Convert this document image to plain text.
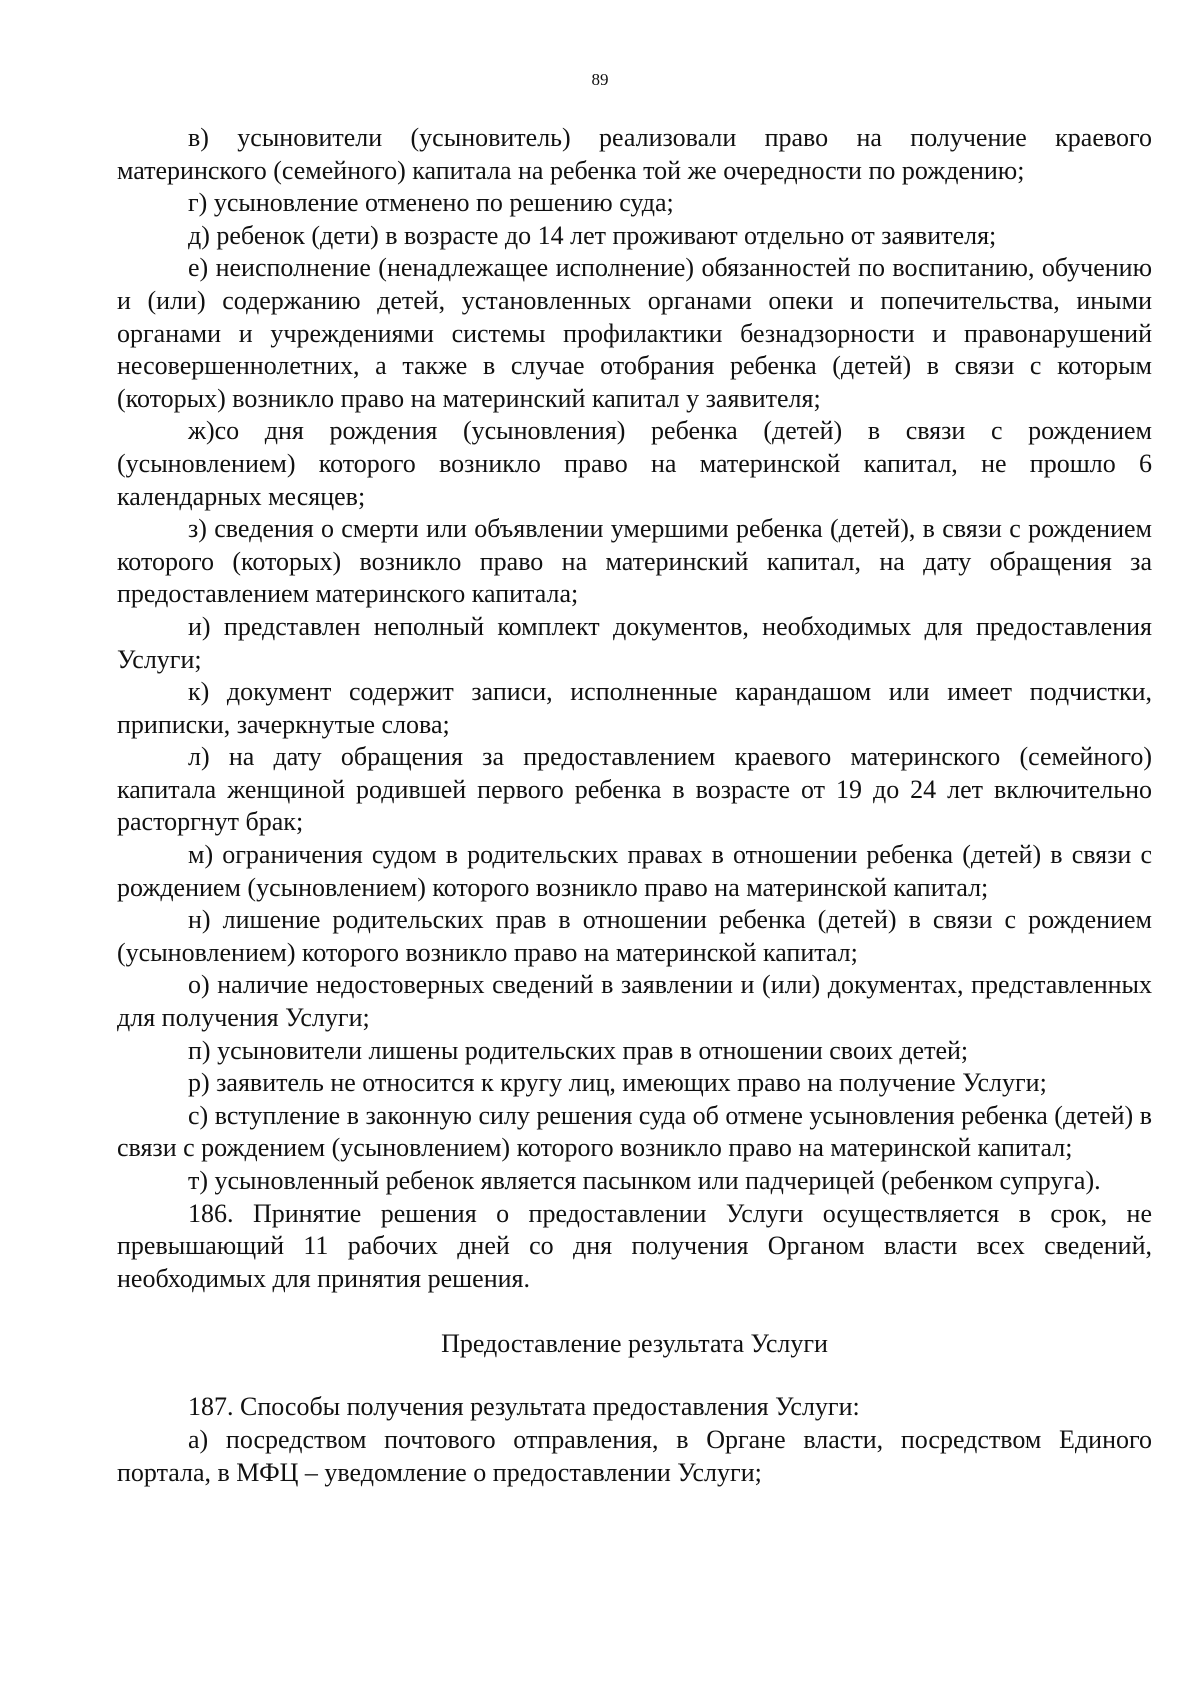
89

в) усыновители (усыновитель) реализовали право на получение краевого материнского (семейного) капитала на ребенка той же очередности по рождению;

г) усыновление отменено по решению суда;

д) ребенок (дети) в возрасте до 14 лет проживают отдельно от заявителя;

е) неисполнение (ненадлежащее исполнение) обязанностей по воспитанию, обучению и (или) содержанию детей, установленных органами опеки и попечительства, иными органами и учреждениями системы профилактики безнадзорности и правонарушений несовершеннолетних, а также в случае отобрания ребенка (детей) в связи с которым (которых) возникло право на материнский капитал у заявителя;

ж)со дня рождения (усыновления) ребенка (детей) в связи с рождением (усыновлением) которого возникло право на материнской капитал, не прошло 6 календарных месяцев;

з) сведения о смерти или объявлении умершими ребенка (детей), в связи с рождением которого (которых) возникло право на материнский капитал, на дату обращения за предоставлением материнского капитала;

и) представлен неполный комплект документов, необходимых для предоставления Услуги;

к) документ содержит записи, исполненные карандашом или имеет подчистки, приписки, зачеркнутые слова;

л) на дату обращения за предоставлением краевого материнского (семейного) капитала женщиной родившей первого ребенка в возрасте от 19 до 24 лет включительно расторгнут брак;

м) ограничения судом в родительских правах в отношении ребенка (детей) в связи с рождением (усыновлением) которого возникло право на материнской капитал;

н) лишение родительских прав в отношении ребенка (детей) в связи с рождением (усыновлением) которого возникло право на материнской капитал;

о) наличие недостоверных сведений в заявлении и (или) документах, представленных для получения Услуги;

п) усыновители лишены родительских прав в отношении своих детей;

р) заявитель не относится к кругу лиц, имеющих право на получение Услуги;

с) вступление в законную силу решения суда об отмене усыновления ребенка (детей) в связи с рождением (усыновлением) которого возникло право на материнской капитал;

т) усыновленный ребенок является пасынком или падчерицей (ребенком супруга).

186. Принятие решения о предоставлении Услуги осуществляется в срок, не превышающий 11 рабочих дней со дня получения Органом власти всех сведений, необходимых для принятия решения.

Предоставление результата Услуги

187. Способы получения результата предоставления Услуги:

а) посредством почтового отправления, в Органе власти, посредством Единого портала, в МФЦ – уведомление о предоставлении Услуги;
